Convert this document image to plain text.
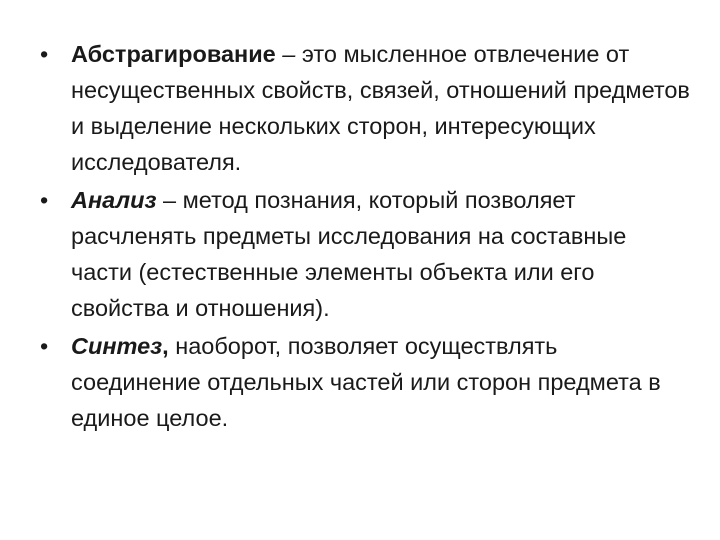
• Абстрагирование – это мысленное отвлечение от несущественных свойств, связей, отношений предметов и выделение нескольких сторон, интересующих исследователя.
• Анализ – метод познания, который позволяет расчленять предметы исследования на составные части (естественные элементы объекта или его свойства и отношения).
• Синтез, наоборот, позволяет осуществлять соединение отдельных частей или сторон предмета в единое целое.
